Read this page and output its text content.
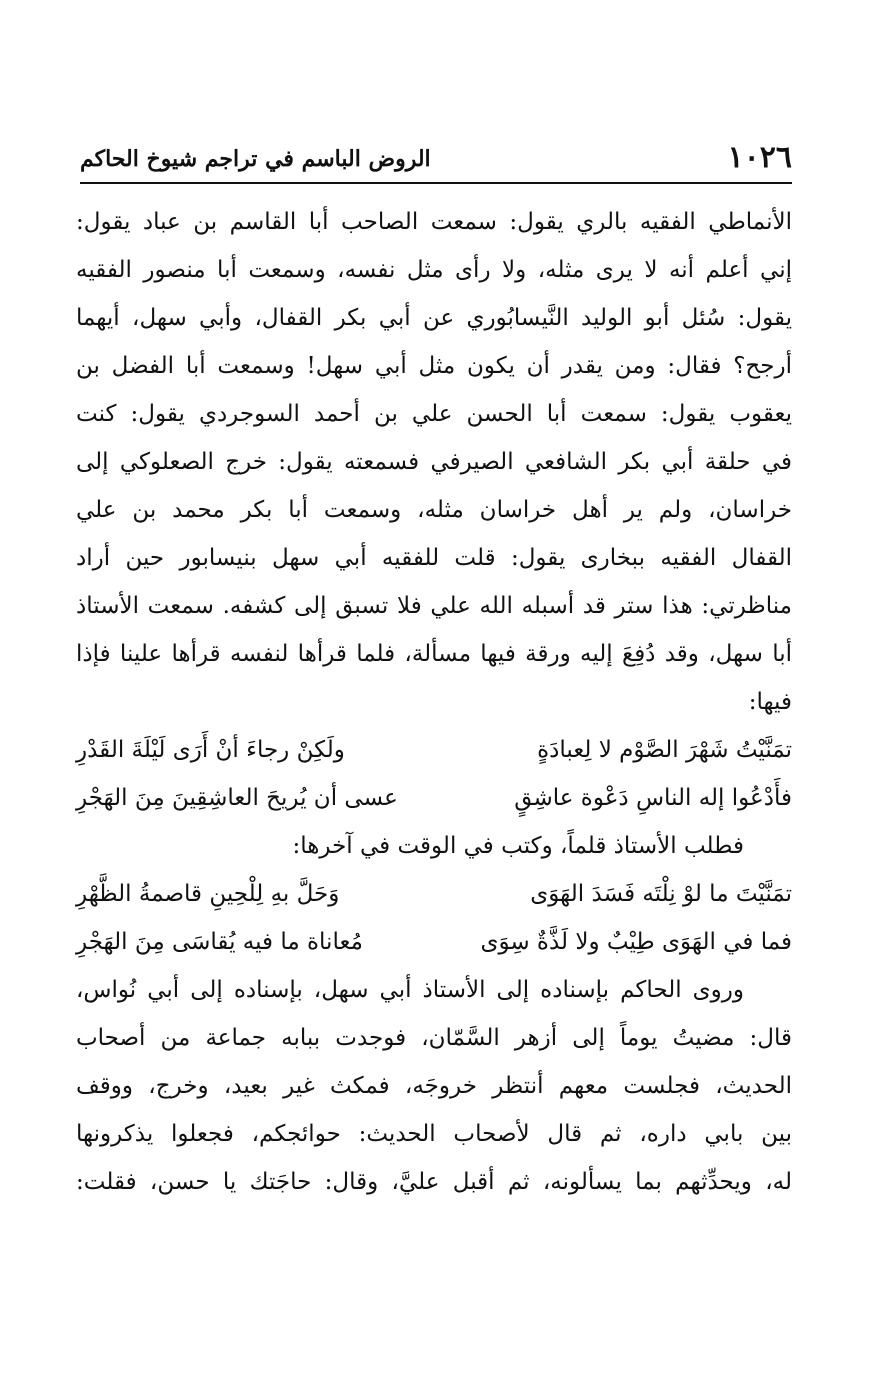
١٠٢٦
الروض الباسم في تراجم شيوخ الحاكم
الأنماطي الفقيه بالري يقول: سمعت الصاحب أبا القاسم بن عباد يقول:
إني أعلم أنه لا يرى مثله، ولا رأى مثل نفسه، وسمعت أبا منصور الفقيه
يقول: سُئل أبو الوليد النَّيسابُوري عن أبي بكر القفال، وأبي سهل، أيهما
أرجح؟ فقال: ومن يقدر أن يكون مثل أبي سهل! وسمعت أبا الفضل بن
يعقوب يقول: سمعت أبا الحسن علي بن أحمد السوجردي يقول: كنت
في حلقة أبي بكر الشافعي الصيرفي فسمعته يقول: خرج الصعلوكي إلى
خراسان، ولم ير أهل خراسان مثله، وسمعت أبا بكر محمد بن علي
القفال الفقيه ببخارى يقول: قلت للفقيه أبي سهل بنيسابور حين أراد
مناظرتي: هذا ستر قد أسبله الله علي فلا تسبق إلى كشفه. سمعت الأستاذ
أبا سهل، وقد دُفِعَ إليه ورقة فيها مسألة، فلما قرأها لنفسه قرأها علينا فإذا
فيها:
تمَنَّيْتُ شَهْرَ الصَّوْم لا لِعبادَةٍ
ولَكِنْ رجاءَ أنْ أَرَى لَيْلَةَ القَدْرِ
فأَدْعُوا إله الناسِ دَعْوة عاشِقٍ
عسى أن يُريحَ العاشِقِينَ مِنَ الهَجْرِ
فطلب الأستاذ قلماً، وكتب في الوقت في آخرها:
تمَنَّيْتَ ما لوْ نِلْتَه فَسَدَ الهَوَى
وَحَلَّ بهِ لِلْحِينِ قاصمةُ الظَّهْرِ
فما في الهَوَى طِيْبٌ ولا لَذَّةٌ سِوَى
مُعاناة ما فيه يُقاسَى مِنَ الهَجْرِ
وروى الحاكم بإسناده إلى الأستاذ أبي سهل، بإسناده إلى أبي نُواس،
قال: مضيتُ يوماً إلى أزهر السَّمّان، فوجدت ببابه جماعة من أصحاب
الحديث، فجلست معهم أنتظر خروجَه، فمكث غير بعيد، وخرج، ووقف
بين بابي داره، ثم قال لأصحاب الحديث: حوائجكم، فجعلوا يذكرونها
له، ويحدِّثهم بما يسألونه، ثم أقبل عليَّ، وقال: حاجَتك يا حسن، فقلت:
